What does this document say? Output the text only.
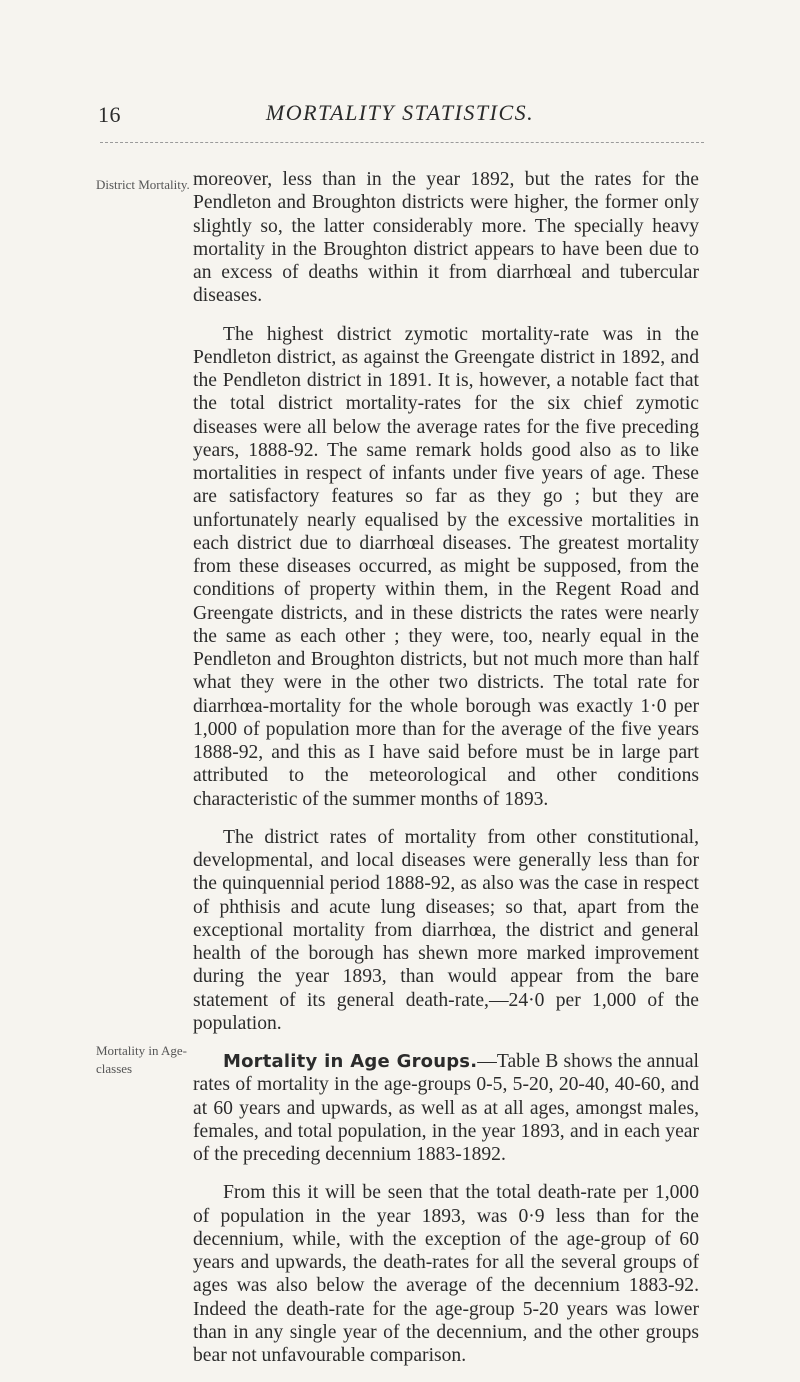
16	MORTALITY STATISTICS.
District Mortality.
Mortality in Age-classes

moreover, less than in the year 1892, but the rates for the Pendleton and Broughton districts were higher, the former only slightly so, the latter considerably more. The specially heavy mortality in the Broughton district appears to have been due to an excess of deaths within it from diarrhœal and tubercular diseases.

The highest district zymotic mortality-rate was in the Pendleton district, as against the Greengate district in 1892, and the Pendleton district in 1891. It is, however, a notable fact that the total district mortality-rates for the six chief zymotic diseases were all below the average rates for the five preceding years, 1888-92. The same remark holds good also as to like mortalities in respect of infants under five years of age. These are satisfactory features so far as they go ; but they are unfortunately nearly equalised by the excessive mortalities in each district due to diarrhœal diseases. The greatest mortality from these diseases occurred, as might be supposed, from the conditions of property within them, in the Regent Road and Greengate districts, and in these districts the rates were nearly the same as each other ; they were, too, nearly equal in the Pendleton and Broughton districts, but not much more than half what they were in the other two districts. The total rate for diarrhœa-mortality for the whole borough was exactly 1·0 per 1,000 of population more than for the average of the five years 1888-92, and this as I have said before must be in large part attributed to the meteorological and other conditions characteristic of the summer months of 1893.

The district rates of mortality from other constitutional, developmental, and local diseases were generally less than for the quinquennial period 1888-92, as also was the case in respect of phthisis and acute lung diseases; so that, apart from the exceptional mortality from diarrhœa, the district and general health of the borough has shewn more marked improvement during the year 1893, than would appear from the bare statement of its general death-rate,—24·0 per 1,000 of the population.

Mortality in Age Groups.—Table B shows the annual rates of mortality in the age-groups 0-5, 5-20, 20-40, 40-60, and at 60 years and upwards, as well as at all ages, amongst males, females, and total population, in the year 1893, and in each year of the preceding decennium 1883-1892.

From this it will be seen that the total death-rate per 1,000 of population in the year 1893, was 0·9 less than for the decennium, while, with the exception of the age-group of 60 years and upwards, the death-rates for all the several groups of ages was also below the average of the decennium 1883-92. Indeed the death-rate for the age-group 5-20 years was lower than in any single year of the decennium, and the other groups bear not unfavourable comparison.
